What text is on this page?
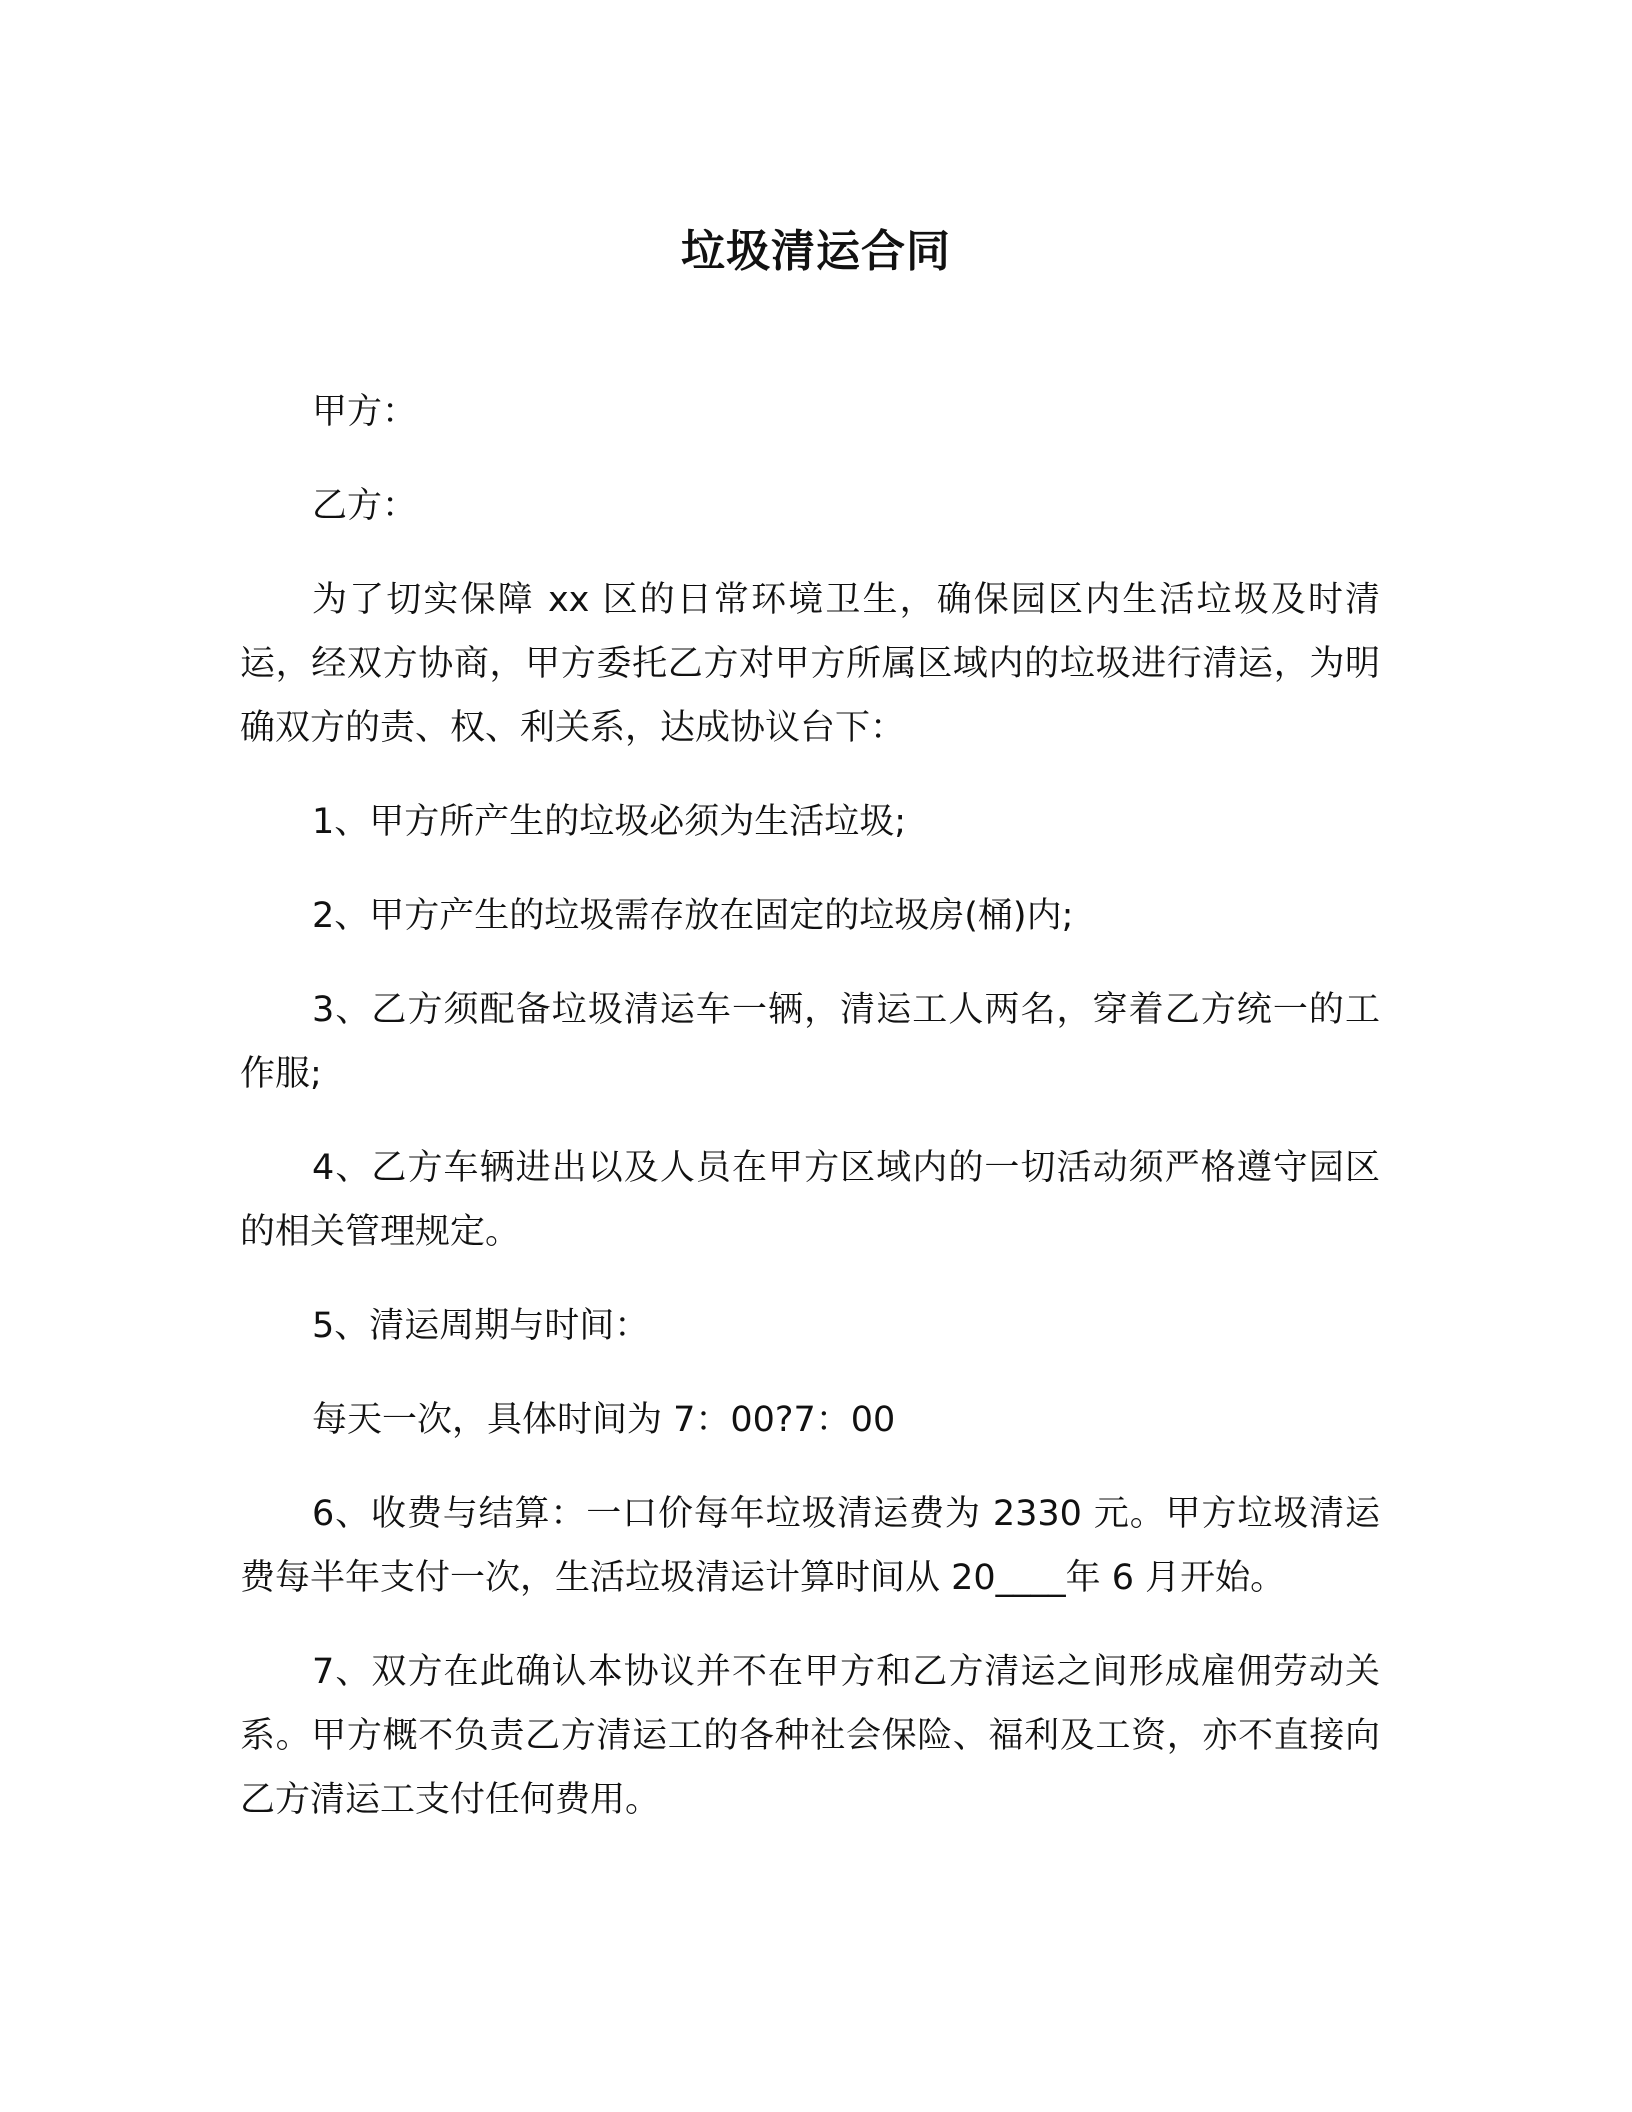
垃圾清运合同

甲方：

乙方：

为了切实保障 xx 区的日常环境卫生，确保园区内生活垃圾及时清运，经双方协商，甲方委托乙方对甲方所属区域内的垃圾进行清运，为明确双方的责、权、利关系，达成协议台下：

1、甲方所产生的垃圾必须为生活垃圾;

2、甲方产生的垃圾需存放在固定的垃圾房(桶)内;

3、乙方须配备垃圾清运车一辆，清运工人两名，穿着乙方统一的工作服;

4、乙方车辆进出以及人员在甲方区域内的一切活动须严格遵守园区的相关管理规定。

5、清运周期与时间：

每天一次，具体时间为 7：00?7：00

6、收费与结算：一口价每年垃圾清运费为 2330 元。甲方垃圾清运费每半年支付一次，生活垃圾清运计算时间从 20____年 6 月开始。

7、双方在此确认本协议并不在甲方和乙方清运之间形成雇佣劳动关系。甲方概不负责乙方清运工的各种社会保险、福利及工资，亦不直接向乙方清运工支付任何费用。
